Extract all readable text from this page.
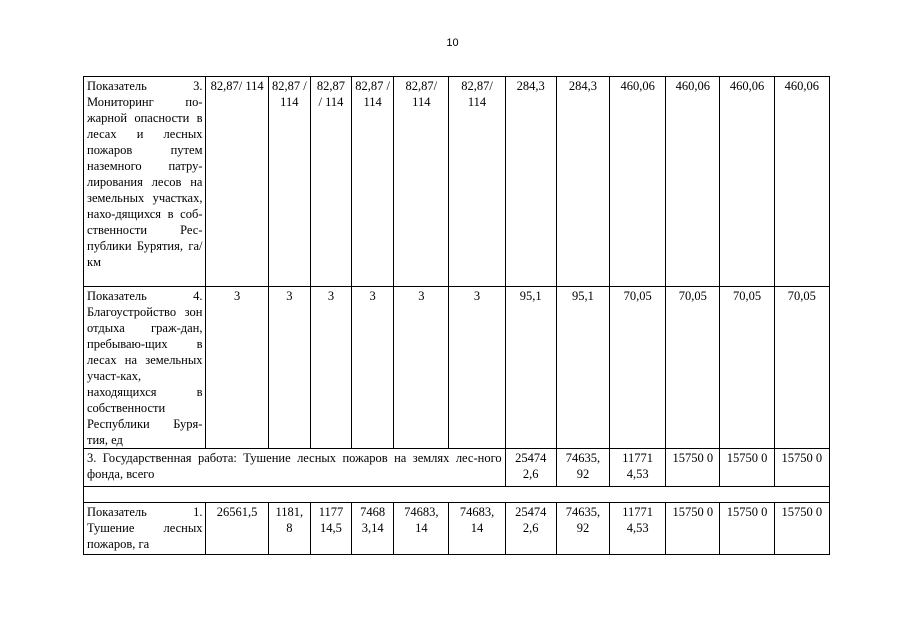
10
Показатель 3. Мониторинг по-жарной опасности в лесах и лесных пожаров путем наземного патру-лирования лесов на земельных участках, нахо-дящихся в соб-ственности Рес-публики Бурятия, га/км	82,87/ 114	82,87 / 114	82,87 / 114	82,87 / 114	82,87/ 114	82,87/ 114	284,3	284,3	460,06	460,06	460,06	460,06
Показатель 4. Благоустройство зон отдыха граж-дан, пребываю-щих в лесах на земельных участ-ках, находящихся в собственности Республики Буря-тия, ед	3	3	3	3	3	3	95,1	95,1	70,05	70,05	70,05	70,05
3. Государственная работа: Тушение лесных пожаров на землях лес-ного фонда, всего							25474 2,6	74635, 92	11771 4,53	15750 0	15750 0	15750 0

Показатель 1. Тушение лесных пожаров, га	26561,5	1181, 8	1177 14,5	7468 3,14	74683, 14	74683, 14	25474 2,6	74635, 92	11771 4,53	15750 0	15750 0	15750 0
